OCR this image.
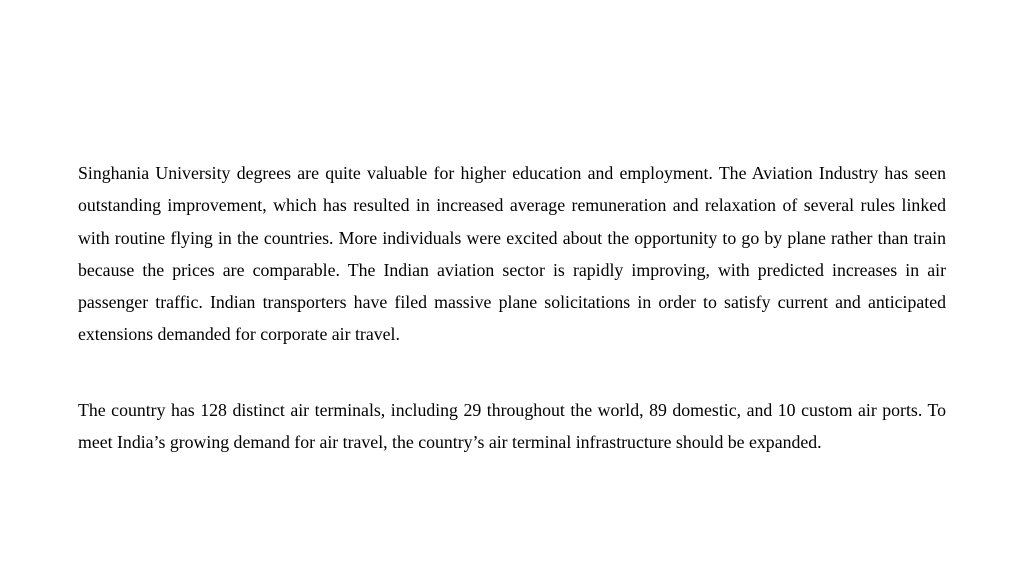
Singhania University degrees are quite valuable for higher education and employment. The Aviation Industry has seen outstanding improvement, which has resulted in increased average remuneration and relaxation of several rules linked with routine flying in the countries. More individuals were excited about the opportunity to go by plane rather than train because the prices are comparable. The Indian aviation sector is rapidly improving, with predicted increases in air passenger traffic. Indian transporters have filed massive plane solicitations in order to satisfy current and anticipated extensions demanded for corporate air travel.

The country has 128 distinct air terminals, including 29 throughout the world, 89 domestic, and 10 custom air ports. To meet India’s growing demand for air travel, the country’s air terminal infrastructure should be expanded.
